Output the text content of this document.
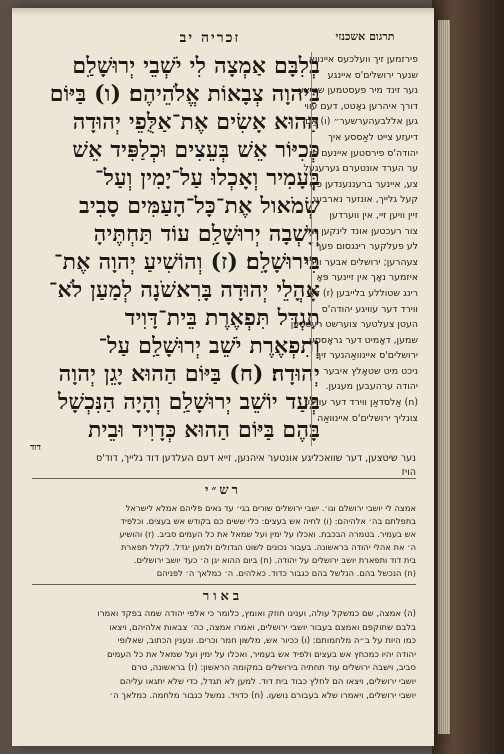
תרגום אשכנזי
זכריה יב
בְלִבָּם אַמְצָה לִי יֹשְׁבֵי יְרוּשָׁלַ͏ִם
בַּיהוָה צְבָאוֹת אֱלֹהֵיהֶם׃ (ו) בַּיּוֹם
הַהוּא אָשִׂים אֶת־אַלֻּפֵי יְהוּדָה
כְּכִיּוֹר אֵשׁ בְּעֵצִים וּכְלַפִּיד אֵשׁ
בְּעָמִיר וְאָכְלוּ עַל־יָמִין וְעַל־
שְׂמֹאול אֶת־כָּל־הָעַמִּים סָבִיב
וְיָשְׁבָה יְרוּשָׁלַ͏ִם עוֹד תַּחְתֶּיהָ
בִּירוּשָׁלָ͏ִם׃ (ז) וְהוֹשִׁיעַ יְהוָה אֶת־
אָהֳלֵי יְהוּדָה בָּרִאשֹׁנָה לְמַעַן לֹא־
תִגְדַּל תִּפְאֶרֶת בֵּית־דָּוִיד
וְתִפְאֶרֶת יֹשֵׁב יְרוּשָׁלַ͏ִם עַל־
יְהוּדָה׃ (ח) בַּיּוֹם הַהוּא יָגֵן יְהוָה
בְּעַד יוֹשֵׁב יְרוּשָׁלַ͏ִם וְהָיָה הַנִּכְשָׁל
בָּהֶם בַּיּוֹם הַהוּא כְּדָוִיד וּבֵית
דוד
פירזמען זיך וועלכעס איינוואָ
שנער ירושלים'ס איינגע
נער זינד מיר פעסטמען שטיצע
דורך איהרען גאָטט, דעם עווי
גען אללבעהערשער״ (ו) אַם
דיעזע צייט לאַססע איך
יהודה'ס פירסטען איינעם פײ
ער הערד אונטערם גערעגעל
צע, איינער ברעננענדען פאַ
קעל גלייך, אונזער נארבעג
זיין וויען זיי, אין ווערדען
צור רעכטען אונד לינקען אל
לע פעלקער רינגסום פעך
צעהרען; ירושלים אבער ווירד
איזמער נאָך אין זיינער פּאָ
רינג שטוללע בלייבען (ז) דאָ
ווירד דער עוויגע יהודה'ס
העטן צעלטער צוערשט רעטטען
שמען, דאָמיט דער גראָססע
ירושלים'ס איינוואַהנער זיך
ניכט מיט שטאָלץ איבער
יהודה ערהעבען מעגען.
(ח) אַלסדאַן ווירד דער עוויגע
צונליך ירושלים'ס איינוואַה
נער שיטצען, דער שוואכליגע אונטער איהנען, זייא דעם העלדען דוד גלייך, דוד'ס
הויז
רש״י
אמצה לי יושבי ירושלם וגו׳. ישבי ירושלים שורים בגי׳ עד גאים פליהם אמלא לישראל
בתפלתם בה׳ אלהיהם: (ו) לחיה אש בעצים: כלי ששים כם בקודש אש בעצים. וכלפיד
אש בעמיר. בטמרה הבכבת. ואכלו על ימין ועל שמאל את כל העמים סביב. (ז) והושיע
ה׳ את אהלי יהודה בראשונה. בעבור נכונים לשוט הגדולים ולמען יגדל. לקלל תפארת
בית דוד ותפארת יושב ירושלים על יהודה. (ח) ביום ההוא יגן ה׳ כעד יושב ירושלים.
(ח) הנכשל בהם. הנלשל בהם כגבור כדוד. כאלהים. ה׳ כמלאך ה׳ לפניהם
באור
(ה) אמצה, שם כמשקל עולה, וענינו חוזק ואומץ, כלומר כי אלפי יהודה שמה בפקד ואמרו
בלבם שתוקפם ואמצם בעבור יושבי ירושלים, ואמרו אמצה, כה׳ צבאות אלהיהם, ויצאו
כמו היות על ב״ה מלחמותם: (ו) ככיור אש, מלשון חמר וכרים. ונענין הכתוב, שאלופי
יהודה יהיו כמכחץ אש בעצים ולפיד אש בעמיר, ואכלו על ימין ועל שמאל את כל העמים
סביב, וישבה ירושלים עוד תחתיה בירושלים במקומה הראשון: (ז) בראשונה, טרם
יושבי ירושלים, ויצאו הם לחלץ כבוד בית דוד. למען לא תגדל, כדי שלא יתגאו עליהם
יושבי ירושלים, ויאמרו שלא בעבורם נושעו. (ח) כדויד. נמשל כגבור מלחמה. כמלאך ה׳
